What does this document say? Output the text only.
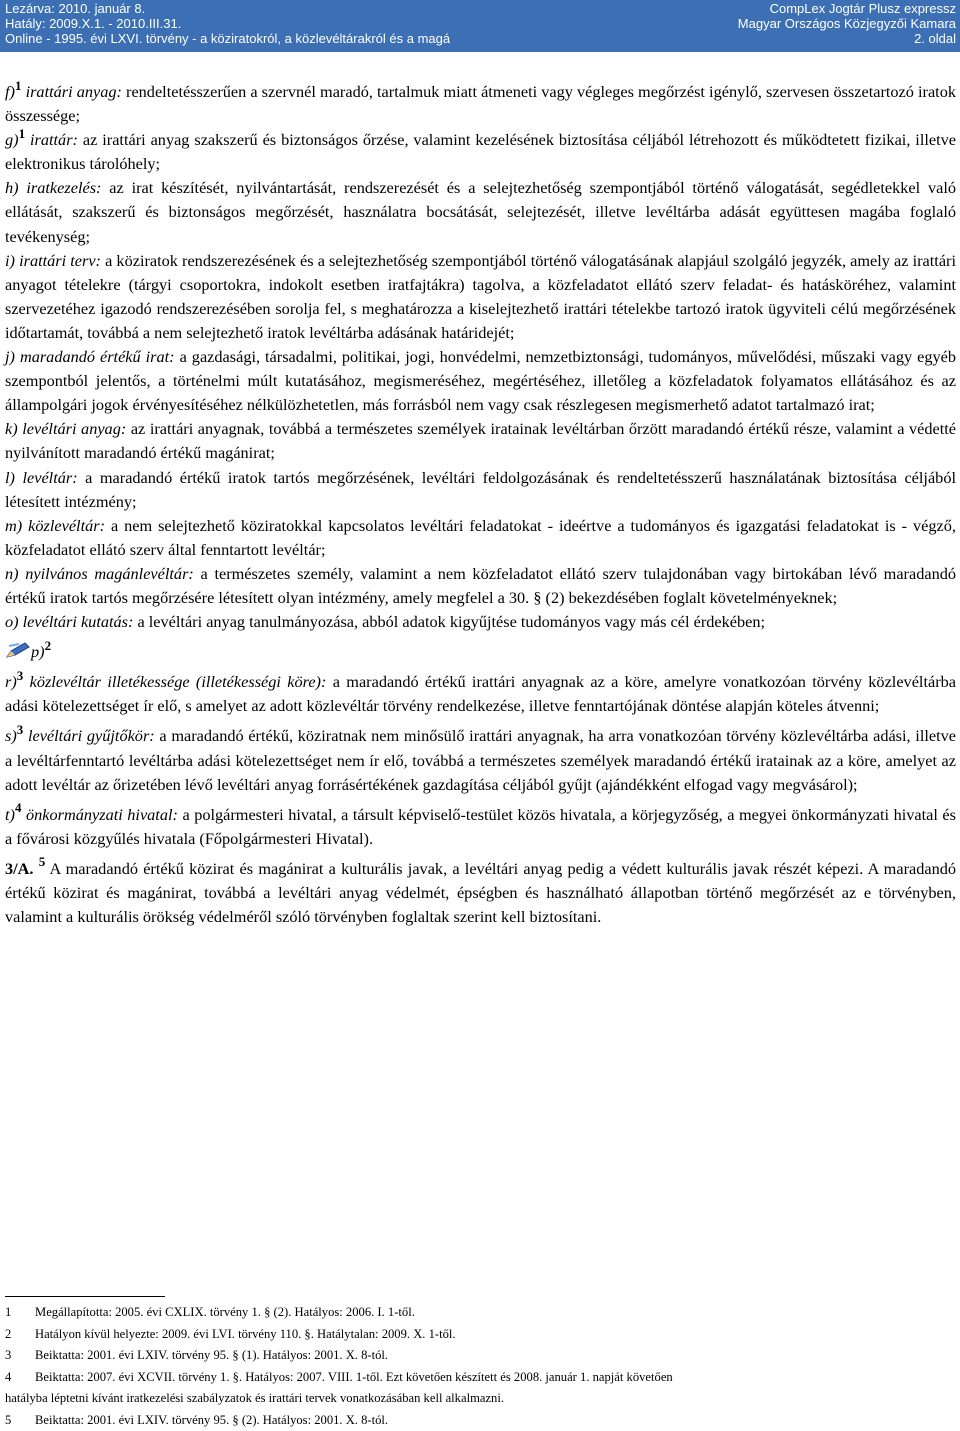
Lezárva: 2010. január 8.
Hatály: 2009.X.1. - 2010.III.31.
Online - 1995. évi LXVI. törvény - a köziratokról, a közlevéltárakról és a magá
CompLex Jogtár Plusz expressz
Magyar Országos Közjegyzői Kamara
2. oldal

f)$^1$ irattári anyag: rendeltetésszerűen a szervnél maradó, tartalmuk miatt átmeneti vagy végleges megőrzést igénylő, szervesen összetartozó iratok összessége;

g)$^1$ irattár: az irattári anyag szakszerű és biztonságos őrzése, valamint kezelésének biztosítása céljából létrehozott és működtetett fizikai, illetve elektronikus tárolóhely;

h) iratkezelés: az irat készítését, nyilvántartását, rendszerezését és a selejtezhetőség szempontjából történő válogatását, segédletekkel való ellátását, szakszerű és biztonságos megőrzését, használatra bocsátását, selejtezését, illetve levéltárba adását együttesen magába foglaló tevékenység;

i) irattári terv: a köziratok rendszerezésének és a selejtezhetőség szempontjából történő válogatásának alapjául szolgáló jegyzék, amely az irattári anyagot tételekre (tárgyi csoportokra, indokolt esetben iratfajtákra) tagolva, a közfeladatot ellátó szerv feladat- és hatásköréhez, valamint szervezetéhez igazodó rendszerezésében sorolja fel, s meghatározza a kiselejtezhető irattári tételekbe tartozó iratok ügyviteli célú megőrzésének időtartamát, továbbá a nem selejtezhető iratok levéltárba adásának határidejét;

j) maradandó értékű irat: a gazdasági, társadalmi, politikai, jogi, honvédelmi, nemzetbiztonsági, tudományos, művelődési, műszaki vagy egyéb szempontból jelentős, a történelmi múlt kutatásához, megismeréséhez, megértéséhez, illetőleg a közfeladatok folyamatos ellátásához és az állampolgári jogok érvényesítéséhez nélkülözhetetlen, más forrásból nem vagy csak részlegesen megismerhető adatot tartalmazó irat;

k) levéltári anyag: az irattári anyagnak, továbbá a természetes személyek iratainak levéltárban őrzött maradandó értékű része, valamint a védetté nyilvánított maradandó értékű magánirat;

l) levéltár: a maradandó értékű iratok tartós megőrzésének, levéltári feldolgozásának és rendeltetésszerű használatának biztosítása céljából létesített intézmény;

m) közlevéltár: a nem selejtezhető köziratokkal kapcsolatos levéltári feladatokat - ideértve a tudományos és igazgatási feladatokat is - végző, közfeladatot ellátó szerv által fenntartott levéltár;

n) nyilvános magánlevéltár: a természetes személy, valamint a nem közfeladatot ellátó szerv tulajdonában vagy birtokában lévő maradandó értékű iratok tartós megőrzésére létesített olyan intézmény, amely megfelel a 30. § (2) bekezdésében foglalt követelményeknek;

o) levéltári kutatás: a levéltári anyag tanulmányozása, abból adatok kigyűjtése tudományos vagy más cél érdekében;

p)$^2$

r)$^3$ közlevéltár illetékessége (illetékességi köre): a maradandó értékű irattári anyagnak az a köre, amelyre vonatkozóan törvény közlevéltárba adási kötelezettséget ír elő, s amelyet az adott közlevéltár törvény rendelkezése, illetve fenntartójának döntése alapján köteles átvenni;

s)$^3$ levéltári gyűjtőkör: a maradandó értékű, köziratnak nem minősülő irattári anyagnak, ha arra vonatkozóan törvény közlevéltárba adási, illetve a levéltárfenntartó levéltárba adási kötelezettséget nem ír elő, továbbá a természetes személyek maradandó értékű iratainak az a köre, amelyet az adott levéltár az őrizetében lévő levéltári anyag forrásértékének gazdagítása céljából gyűjt (ajándékként elfogad vagy megvásárol);

t)$^4$ önkormányzati hivatal: a polgármesteri hivatal, a társult képviselő-testület közös hivatala, a körjegyzőség, a megyei önkormányzati hivatal és a fővárosi közgyűlés hivatala (Főpolgármesteri Hivatal).

3/A. $^5$ A maradandó értékű közirat és magánirat a kulturális javak, a levéltári anyag pedig a védett kulturális javak részét képezi. A maradandó értékű közirat és magánirat, továbbá a levéltári anyag védelmét, épségben és használható állapotban történő megőrzését az e törvényben, valamint a kulturális örökség védelméről szóló törvényben foglaltak szerint kell biztosítani.

1 Megállapította: 2005. évi CXLIX. törvény 1. § (2). Hatályos: 2006. I. 1-től.
2 Hatályon kívül helyezte: 2009. évi LVI. törvény 110. §. Hatálytalan: 2009. X. 1-től.
3 Beiktatta: 2001. évi LXIV. törvény 95. § (1). Hatályos: 2001. X. 8-tól.
4 Beiktatta: 2007. évi XCVII. törvény 1. §. Hatályos: 2007. VIII. 1-től. Ezt követően készített és 2008. január 1. napját követően
hatályba léptetni kívánt iratkezelési szabályzatok és irattári tervek vonatkozásában kell alkalmazni.
5 Beiktatta: 2001. évi LXIV. törvény 95. § (2). Hatályos: 2001. X. 8-tól.
